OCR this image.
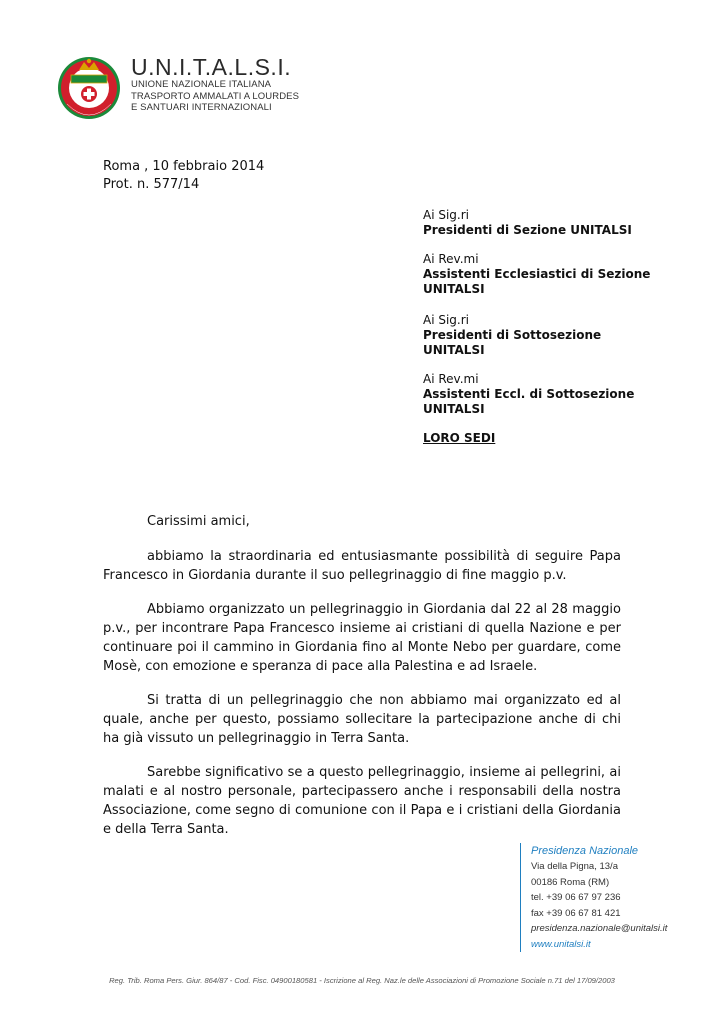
U.N.I.T.A.L.S.I.
UNIONE NAZIONALE ITALIANA
TRASPORTO AMMALATI A LOURDES
E SANTUARI INTERNAZIONALI
Roma , 10 febbraio 2014
Prot. n. 577/14
Ai Sig.ri
Presidenti di Sezione UNITALSI
Ai Rev.mi
Assistenti Ecclesiastici di Sezione
UNITALSI
Ai Sig.ri
Presidenti di Sottosezione
UNITALSI
Ai Rev.mi
Assistenti Eccl. di Sottosezione
UNITALSI
LORO SEDI

Carissimi amici,

abbiamo la straordinaria ed entusiasmante possibilità di seguire Papa Francesco in Giordania durante il suo pellegrinaggio di fine maggio p.v.

Abbiamo organizzato un pellegrinaggio in Giordania dal 22 al 28 maggio p.v., per incontrare Papa Francesco insieme ai cristiani di quella Nazione e per continuare poi il cammino in Giordania fino al Monte Nebo per guardare, come Mosè, con emozione e speranza di pace alla Palestina e ad Israele.

Si tratta di un pellegrinaggio che non abbiamo mai organizzato ed al quale, anche per questo, possiamo sollecitare la partecipazione anche di chi ha già vissuto un pellegrinaggio in Terra Santa.

Sarebbe significativo se a questo pellegrinaggio, insieme ai pellegrini, ai malati e al nostro personale, partecipassero anche i responsabili della nostra Associazione, come segno di comunione con il Papa e i cristiani della Giordania e della Terra Santa.

Presidenza Nazionale
Via della Pigna, 13/a
00186 Roma (RM)
tel. +39 06 67 97 236
fax +39 06 67 81 421
presidenza.nazionale@unitalsi.it
www.unitalsi.it
Reg. Trib. Roma Pers. Giur. 864/87 - Cod. Fisc. 04900180581 - Iscrizione al Reg. Naz.le delle Associazioni di Promozione Sociale n.71 del 17/09/2003
